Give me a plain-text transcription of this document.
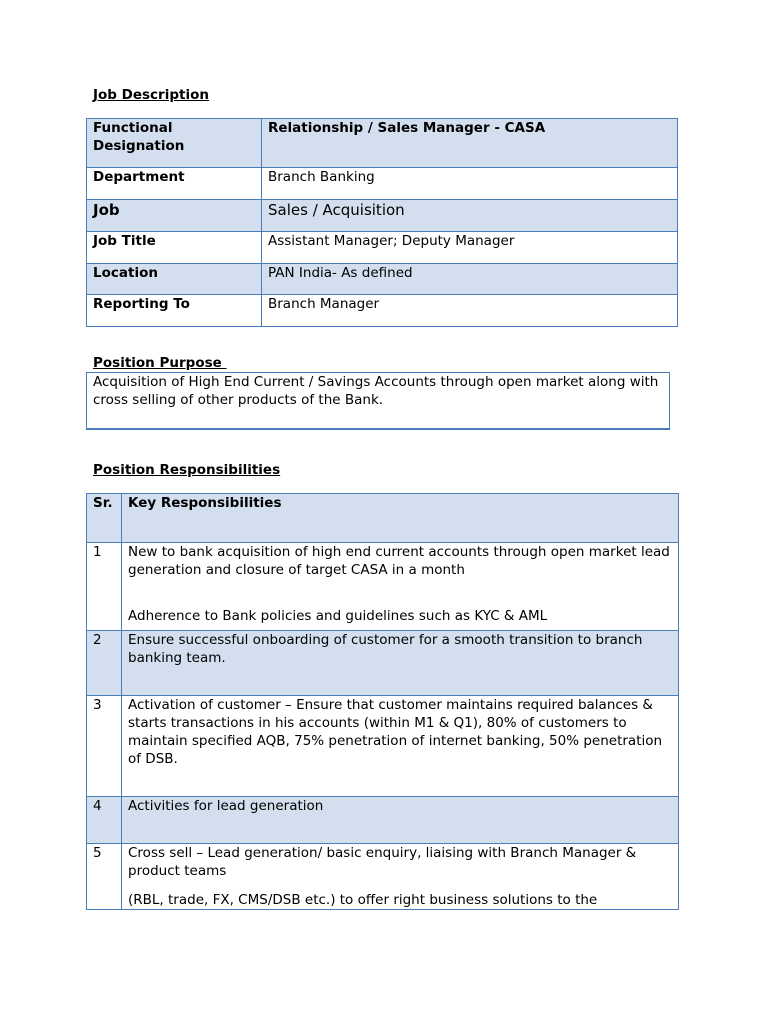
Job Description
Functional Designation	Relationship / Sales Manager - CASA
Department	Branch Banking
Job	Sales / Acquisition
Job Title	Assistant Manager; Deputy Manager
Location	PAN India- As defined
Reporting To	Branch Manager
Position Purpose
Acquisition of High End Current / Savings Accounts through open market along with cross selling of other products of the Bank.
Position Responsibilities
Sr.	Key Responsibilities
1	New to bank acquisition of high end current accounts through open market lead generation and closure of target CASA in a month
Adherence to Bank policies and guidelines such as KYC & AML

2	Ensure successful onboarding of customer for a smooth transition to branch banking team.
3	Activation of customer – Ensure that customer maintains required balances & starts transactions in his accounts (within M1 & Q1), 80% of customers to maintain specified AQB, 75% penetration of internet banking, 50% penetration of DSB.
4	Activities for lead generation
5	Cross sell – Lead generation/ basic enquiry, liaising with Branch Manager & product teams
(RBL, trade, FX, CMS/DSB etc.) to offer right business solutions to the
